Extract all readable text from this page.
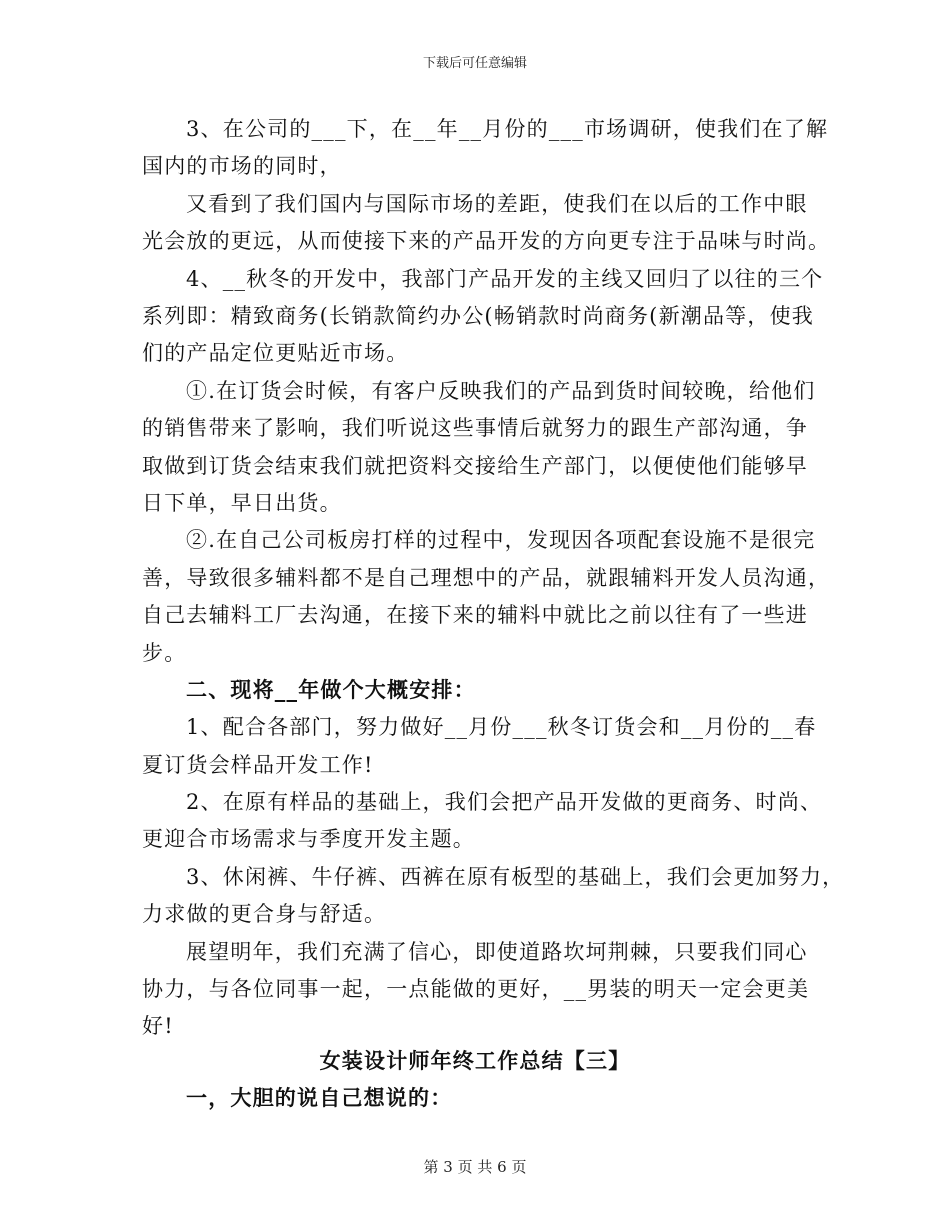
下载后可任意编辑
3、在公司的___下，在__年__月份的___市场调研，使我们在了解
国内的市场的同时，
又看到了我们国内与国际市场的差距，使我们在以后的工作中眼
光会放的更远，从而使接下来的产品开发的方向更专注于品味与时尚。
4、__秋冬的开发中，我部门产品开发的主线又回归了以往的三个
系列即：精致商务(长销款简约办公(畅销款时尚商务(新潮品等，使我
们的产品定位更贴近市场。
①.在订货会时候，有客户反映我们的产品到货时间较晚，给他们
的销售带来了影响，我们听说这些事情后就努力的跟生产部沟通，争
取做到订货会结束我们就把资料交接给生产部门，以便使他们能够早
日下单，早日出货。
②.在自己公司板房打样的过程中，发现因各项配套设施不是很完
善，导致很多辅料都不是自己理想中的产品，就跟辅料开发人员沟通，
自己去辅料工厂去沟通，在接下来的辅料中就比之前以往有了一些进
步。
二、现将__年做个大概安排：
1、配合各部门，努力做好__月份___秋冬订货会和__月份的__春
夏订货会样品开发工作!
2、在原有样品的基础上，我们会把产品开发做的更商务、时尚、
更迎合市场需求与季度开发主题。
3、休闲裤、牛仔裤、西裤在原有板型的基础上，我们会更加努力，
力求做的更合身与舒适。
展望明年，我们充满了信心，即使道路坎坷荆棘，只要我们同心
协力，与各位同事一起，一点能做的更好，__男装的明天一定会更美
好!
女装设计师年终工作总结【三】
一，大胆的说自己想说的：
第 3 页 共 6 页
